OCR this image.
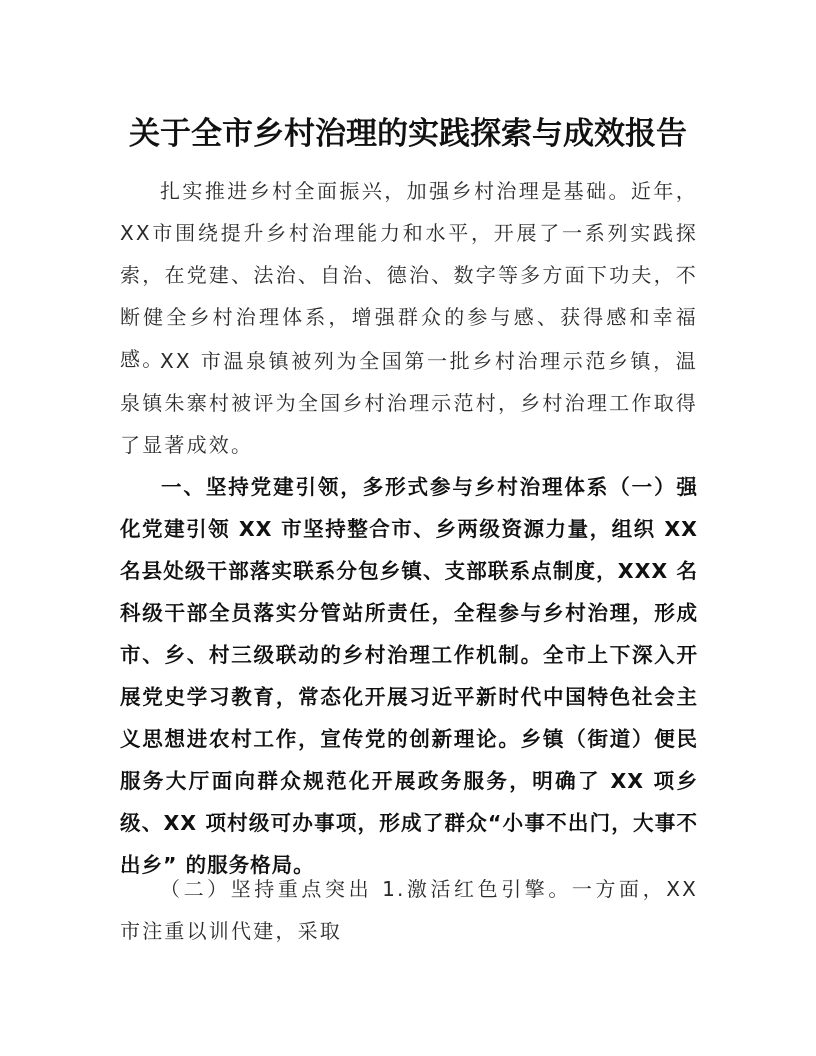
关于全市乡村治理的实践探索与成效报告

扎实推进乡村全面振兴，加强乡村治理是基础。近年，XX市围绕提升乡村治理能力和水平，开展了一系列实践探索，在党建、法治、自治、德治、数字等多方面下功夫，不断健全乡村治理体系，增强群众的参与感、获得感和幸福感。

XX 市温泉镇被列为全国第一批乡村治理示范乡镇，温泉镇朱寨村被评为全国乡村治理示范村，乡村治理工作取得了显著成效。

一、坚持党建引领，多形式参与乡村治理体系（一）强化党建引领 XX 市坚持整合市、乡两级资源力量，组织 XX 名县处级干部落实联系分包乡镇、支部联系点制度，XXX 名科级干部全员落实分管站所责任，全程参与乡村治理，形成市、乡、村三级联动的乡村治理工作机制。全市上下深入开展党史学习教育，常态化开展习近平新时代中国特色社会主义思想进农村工作，宣传党的创新理论。乡镇（街道）便民服务大厅面向群众规范化开展政务服务，明确了 XX 项乡级、XX 项村级可办事项，形成了群众“小事不出门，大事不出乡” 的服务格局。

（二）坚持重点突出 1.激活红色引擎。一方面，XX 市注重以训代建，采取
